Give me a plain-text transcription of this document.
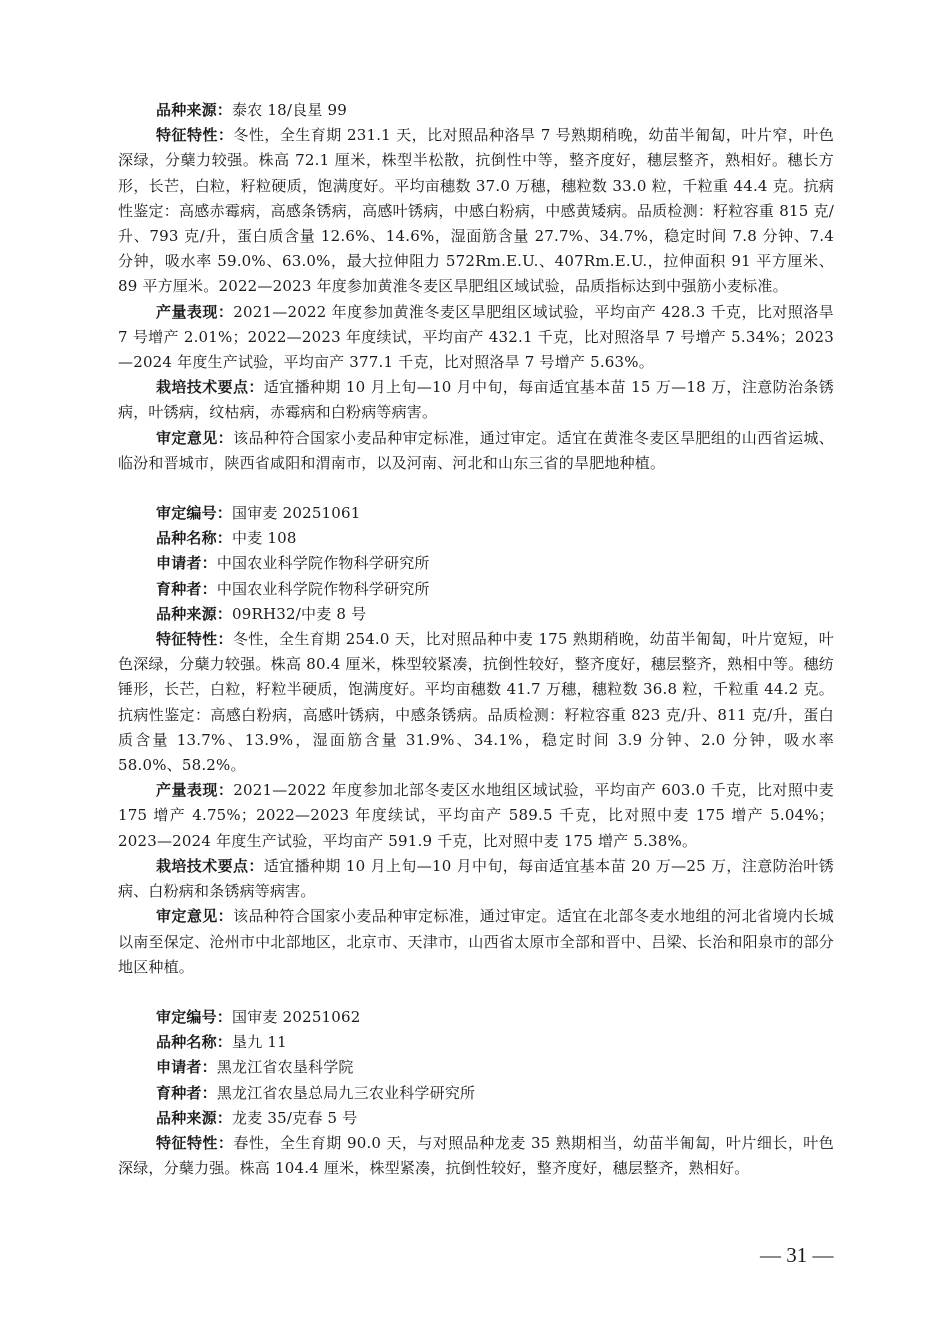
品种来源：泰农 18/良星 99

特征特性：冬性，全生育期 231.1 天，比对照品种洛旱 7 号熟期稍晚，幼苗半匍匐，叶片窄，叶色深绿，分蘖力较强。株高 72.1 厘米，株型半松散，抗倒性中等，整齐度好，穗层整齐，熟相好。穗长方形，长芒，白粒，籽粒硬质，饱满度好。平均亩穗数 37.0 万穗，穗粒数 33.0 粒，千粒重 44.4 克。抗病性鉴定：高感赤霉病，高感条锈病，高感叶锈病，中感白粉病，中感黄矮病。品质检测：籽粒容重 815 克/升、793 克/升，蛋白质含量 12.6%、14.6%，湿面筋含量 27.7%、34.7%，稳定时间 7.8 分钟、7.4 分钟，吸水率 59.0%、63.0%，最大拉伸阻力 572Rm.E.U.、407Rm.E.U.，拉伸面积 91 平方厘米、89 平方厘米。2022—2023 年度参加黄淮冬麦区旱肥组区域试验，品质指标达到中强筋小麦标准。

产量表现：2021—2022 年度参加黄淮冬麦区旱肥组区域试验，平均亩产 428.3 千克，比对照洛旱 7 号增产 2.01%；2022—2023 年度续试，平均亩产 432.1 千克，比对照洛旱 7 号增产 5.34%；2023—2024 年度生产试验，平均亩产 377.1 千克，比对照洛旱 7 号增产 5.63%。

栽培技术要点：适宜播种期 10 月上旬—10 月中旬，每亩适宜基本苗 15 万—18 万，注意防治条锈病，叶锈病，纹枯病，赤霉病和白粉病等病害。

审定意见：该品种符合国家小麦品种审定标准，通过审定。适宜在黄淮冬麦区旱肥组的山西省运城、临汾和晋城市，陕西省咸阳和渭南市，以及河南、河北和山东三省的旱肥地种植。

审定编号：国审麦 20251061

品种名称：中麦 108

申请者：中国农业科学院作物科学研究所

育种者：中国农业科学院作物科学研究所

品种来源：09RH32/中麦 8 号

特征特性：冬性，全生育期 254.0 天，比对照品种中麦 175 熟期稍晚，幼苗半匍匐，叶片宽短，叶色深绿，分蘖力较强。株高 80.4 厘米，株型较紧凑，抗倒性较好，整齐度好，穗层整齐，熟相中等。穗纺锤形，长芒，白粒，籽粒半硬质，饱满度好。平均亩穗数 41.7 万穗，穗粒数 36.8 粒，千粒重 44.2 克。抗病性鉴定：高感白粉病，高感叶锈病，中感条锈病。品质检测：籽粒容重 823 克/升、811 克/升，蛋白质含量 13.7%、13.9%，湿面筋含量 31.9%、34.1%，稳定时间 3.9 分钟、2.0 分钟，吸水率 58.0%、58.2%。

产量表现：2021—2022 年度参加北部冬麦区水地组区域试验，平均亩产 603.0 千克，比对照中麦 175 增产 4.75%；2022—2023 年度续试，平均亩产 589.5 千克，比对照中麦 175 增产 5.04%；2023—2024 年度生产试验，平均亩产 591.9 千克，比对照中麦 175 增产 5.38%。

栽培技术要点：适宜播种期 10 月上旬—10 月中旬，每亩适宜基本苗 20 万—25 万，注意防治叶锈病、白粉病和条锈病等病害。

审定意见：该品种符合国家小麦品种审定标准，通过审定。适宜在北部冬麦水地组的河北省境内长城以南至保定、沧州市中北部地区，北京市、天津市，山西省太原市全部和晋中、吕梁、长治和阳泉市的部分地区种植。

审定编号：国审麦 20251062

品种名称：垦九 11

申请者：黑龙江省农垦科学院

育种者：黑龙江省农垦总局九三农业科学研究所

品种来源：龙麦 35/克春 5 号

特征特性：春性，全生育期 90.0 天，与对照品种龙麦 35 熟期相当，幼苗半匍匐，叶片细长，叶色深绿，分蘖力强。株高 104.4 厘米，株型紧凑，抗倒性较好，整齐度好，穗层整齐，熟相好。

— 31 —
